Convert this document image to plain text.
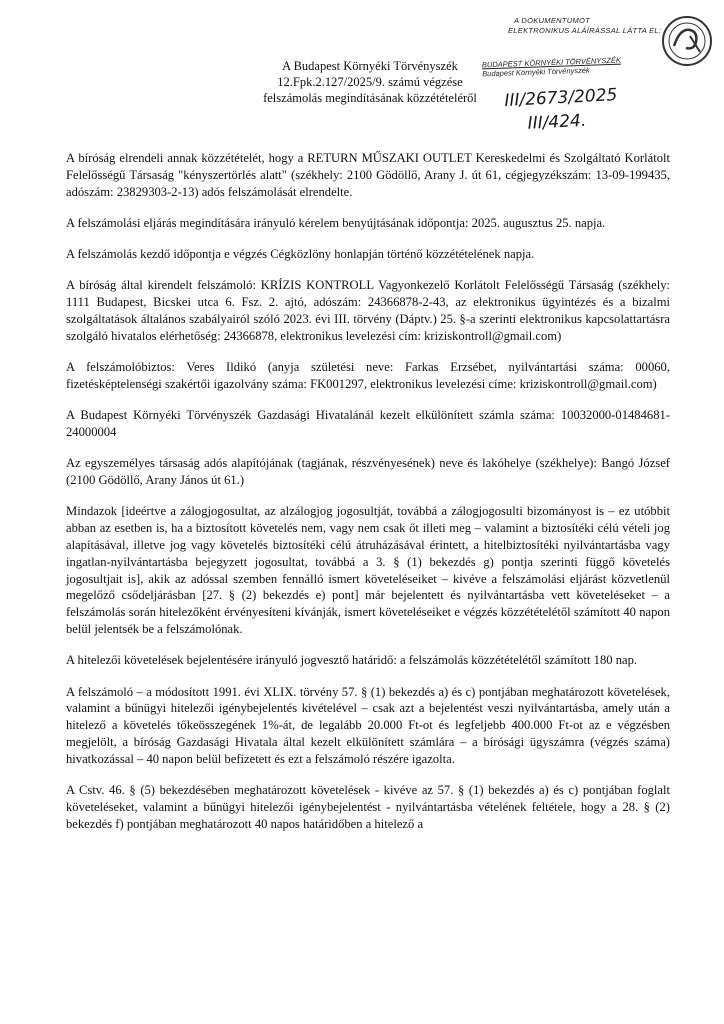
A DOKUMENTUMOT
ELEKTRONIKUS ALÁÍRÁSSAL LÁTTA EL:
BUDAPEST KÖRNYÉKI TÖRVÉNYSZÉK
Budapest Környéki Törvényszék
A Budapest Környéki Törvényszék
12.Fpk.2.127/2025/9. számú végzése
felszámolás megindításának közzétételéről	III/2673/2025
III/424.

A bíróság elrendeli annak közzétételét, hogy a RETURN MŰSZAKI OUTLET Kereskedelmi és Szolgáltató Korlátolt Felelősségű Társaság "kényszertörlés alatt" (székhely: 2100 Gödöllő, Arany J. út 61, cégjegyzékszám: 13-09-199435, adószám: 23829303-2-13) adós felszámolását elrendelte.

A felszámolási eljárás megindítására irányuló kérelem benyújtásának időpontja: 2025. augusztus 25. napja.

A felszámolás kezdő időpontja e végzés Cégközlöny honlapján történő közzétételének napja.

A bíróság által kirendelt felszámoló: KRÍZIS KONTROLL Vagyonkezelő Korlátolt Felelősségű Társaság (székhely: 1111 Budapest, Bicskei utca 6. Fsz. 2. ajtó, adószám: 24366878-2-43, az elektronikus ügyintézés és a bizalmi szolgáltatások általános szabályairól szóló 2023. évi III. törvény (Dáptv.) 25. §-a szerinti elektronikus kapcsolattartásra szolgáló hivatalos elérhetőség: 24366878, elektronikus levelezési cím: kriziskontroll@gmail.com)

A felszámolóbiztos: Veres Ildikó (anyja születési neve: Farkas Erzsébet, nyilvántartási száma: 00060, fizetésképtelenségi szakértői igazolvány száma: FK001297, elektronikus levelezési címe: kriziskontroll@gmail.com)

A Budapest Környéki Törvényszék Gazdasági Hivatalánál kezelt elkülönített számla száma: 10032000-01484681-24000004

Az egyszemélyes társaság adós alapítójának (tagjának, részvényesének) neve és lakóhelye (székhelye): Bangó József (2100 Gödöllő, Arany János út 61.)

Mindazok [ideértve a zálogjogosultat, az alzálogjog jogosultját, továbbá a zálogjogosulti bizományost is – ez utóbbit abban az esetben is, ha a biztosított követelés nem, vagy nem csak őt illeti meg – valamint a biztosítéki célú vételi jog alapításával, illetve jog vagy követelés biztosítéki célú átruházásával érintett, a hitelbiztosítéki nyilvántartásba vagy ingatlan-nyilvántartásba bejegyzett jogosultat, továbbá a 3. § (1) bekezdés g) pontja szerinti függő követelés jogosultjait is], akik az adóssal szemben fennálló ismert követeléseiket – kivéve a felszámolási eljárást közvetlenül megelőző csődeljárásban [27. § (2) bekezdés e) pont] már bejelentett és nyilvántartásba vett követeléseket – a felszámolás során hitelezőként érvényesíteni kívánják, ismert követeléseiket e végzés közzétételétől számított 40 napon belül jelentsék be a felszámolónak.

A hitelezői követelések bejelentésére irányuló jogvesztő határidő: a felszámolás közzétételétől számított 180 nap.

A felszámoló – a módosított 1991. évi XLIX. törvény 57. § (1) bekezdés a) és c) pontjában meghatározott követelések, valamint a bűnügyi hitelezői igénybejelentés kivételével – csak azt a bejelentést veszi nyilvántartásba, amely után a hitelező a követelés tőkeösszegének 1%-át, de legalább 20.000 Ft-ot és legfeljebb 400.000 Ft-ot az e végzésben megjelölt, a bíróság Gazdasági Hivatala által kezelt elkülönített számlára – a bírósági ügyszámra (végzés száma) hivatkozással – 40 napon belül befizetett és ezt a felszámoló részére igazolta.

A Cstv. 46. § (5) bekezdésében meghatározott követelések - kivéve az 57. § (1) bekezdés a) és c) pontjában foglalt követeléseket, valamint a bűnügyi hitelezői igénybejelentést - nyilvántartásba vételének feltétele, hogy a 28. § (2) bekezdés f) pontjában meghatározott 40 napos határidőben a hitelező a
